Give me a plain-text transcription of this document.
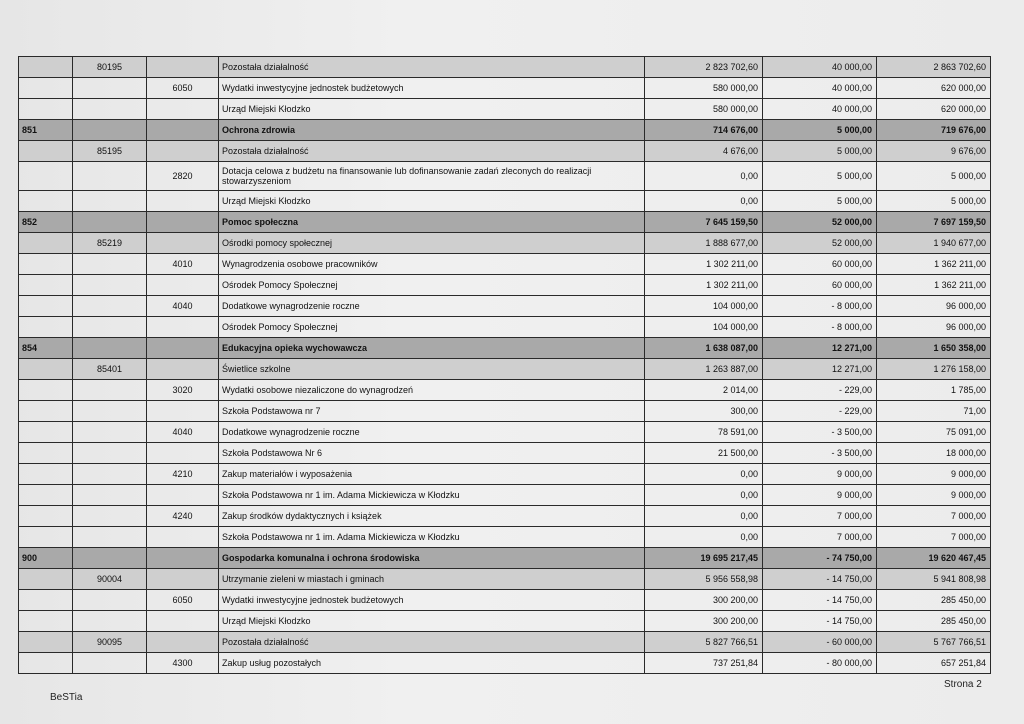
	80195		Pozostała działalność	2 823 702,60	40 000,00	2 863 702,60
		6050	Wydatki inwestycyjne jednostek budżetowych	580 000,00	40 000,00	620 000,00
			Urząd Miejski Kłodzko	580 000,00	40 000,00	620 000,00
851			Ochrona zdrowia	714 676,00	5 000,00	719 676,00
	85195		Pozostała działalność	4 676,00	5 000,00	9 676,00
		2820	Dotacja celowa z budżetu na finansowanie lub dofinansowanie zadań zleconych do realizacji stowarzyszeniom	0,00	5 000,00	5 000,00
			Urząd Miejski Kłodzko	0,00	5 000,00	5 000,00
852			Pomoc społeczna	7 645 159,50	52 000,00	7 697 159,50
	85219		Ośrodki pomocy społecznej	1 888 677,00	52 000,00	1 940 677,00
		4010	Wynagrodzenia osobowe pracowników	1 302 211,00	60 000,00	1 362 211,00
			Ośrodek Pomocy Społecznej	1 302 211,00	60 000,00	1 362 211,00
		4040	Dodatkowe wynagrodzenie roczne	104 000,00	- 8 000,00	96 000,00
			Ośrodek Pomocy Społecznej	104 000,00	- 8 000,00	96 000,00
854			Edukacyjna opieka wychowawcza	1 638 087,00	12 271,00	1 650 358,00
	85401		Świetlice szkolne	1 263 887,00	12 271,00	1 276 158,00
		3020	Wydatki osobowe niezaliczone do wynagrodzeń	2 014,00	- 229,00	1 785,00
			Szkoła Podstawowa nr 7	300,00	- 229,00	71,00
		4040	Dodatkowe wynagrodzenie roczne	78 591,00	- 3 500,00	75 091,00
			Szkoła Podstawowa Nr 6	21 500,00	- 3 500,00	18 000,00
		4210	Zakup materiałów i wyposażenia	0,00	9 000,00	9 000,00
			Szkoła Podstawowa nr 1 im. Adama Mickiewicza w Kłodzku	0,00	9 000,00	9 000,00
		4240	Zakup środków dydaktycznych i książek	0,00	7 000,00	7 000,00
			Szkoła Podstawowa nr 1 im. Adama Mickiewicza w Kłodzku	0,00	7 000,00	7 000,00
900			Gospodarka komunalna i ochrona środowiska	19 695 217,45	- 74 750,00	19 620 467,45
	90004		Utrzymanie zieleni w miastach i gminach	5 956 558,98	- 14 750,00	5 941 808,98
		6050	Wydatki inwestycyjne jednostek budżetowych	300 200,00	- 14 750,00	285 450,00
			Urząd Miejski Kłodzko	300 200,00	- 14 750,00	285 450,00
	90095		Pozostała działalność	5 827 766,51	- 60 000,00	5 767 766,51
		4300	Zakup usług pozostałych	737 251,84	- 80 000,00	657 251,84
BeSTia
Strona 2
